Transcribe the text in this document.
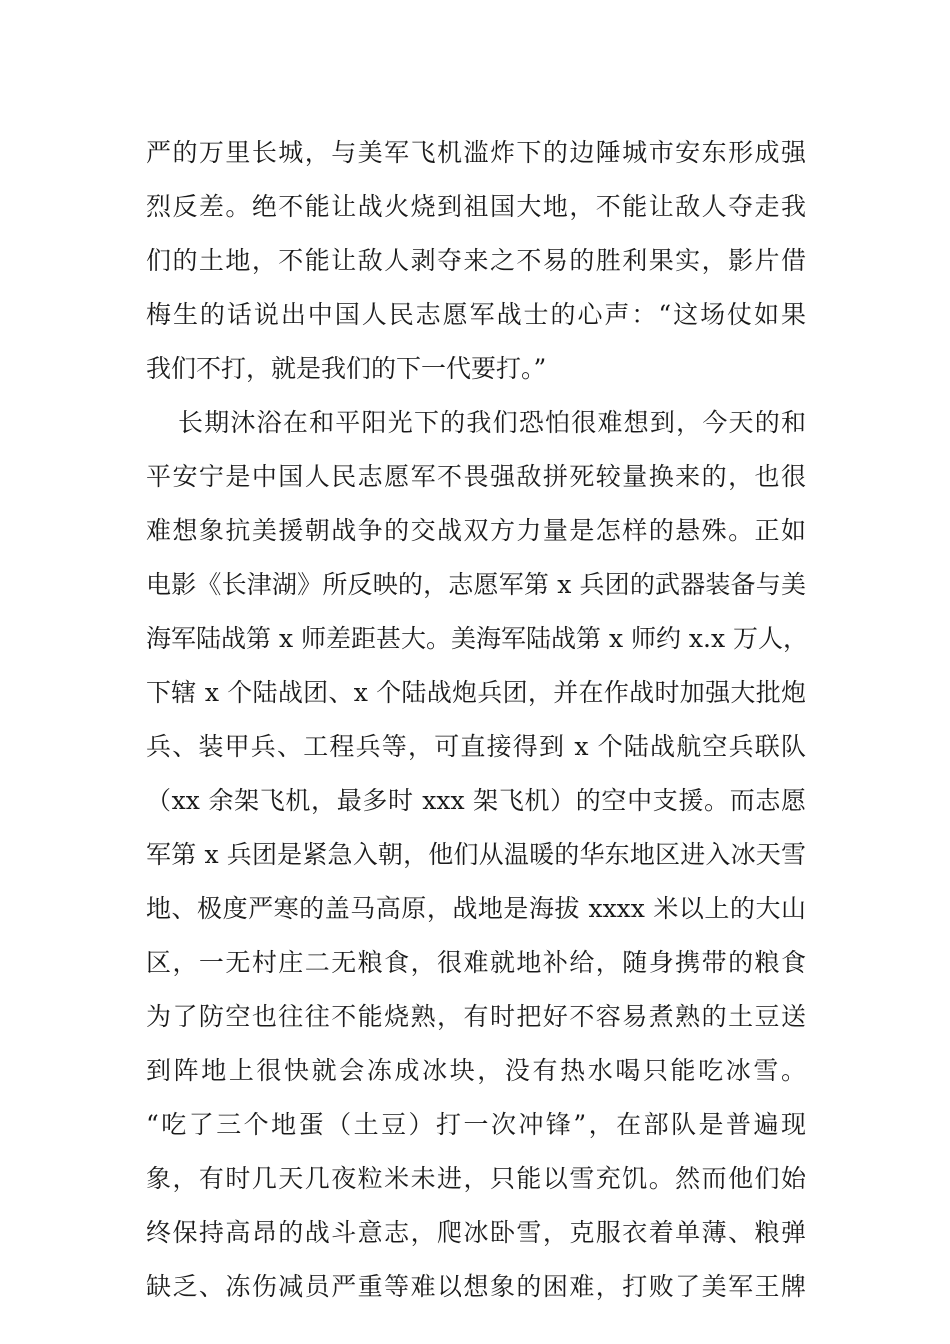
严的万里长城，与美军飞机滥炸下的边陲城市安东形成强
烈反差。绝不能让战火烧到祖国大地，不能让敌人夺走我
们的土地，不能让敌人剥夺来之不易的胜利果实，影片借
梅生的话说出中国人民志愿军战士的心声：“这场仗如果
我们不打，就是我们的下一代要打。”
长期沐浴在和平阳光下的我们恐怕很难想到，今天的和
平安宁是中国人民志愿军不畏强敌拼死较量换来的，也很
难想象抗美援朝战争的交战双方力量是怎样的悬殊。正如
电影《长津湖》所反映的，志愿军第 x 兵团的武器装备与美
海军陆战第 x 师差距甚大。美海军陆战第 x 师约 x.x 万人，
下辖 x 个陆战团、x 个陆战炮兵团，并在作战时加强大批炮
兵、装甲兵、工程兵等，可直接得到 x 个陆战航空兵联队
（xx 余架飞机，最多时 xxx 架飞机）的空中支援。而志愿
军第 x 兵团是紧急入朝，他们从温暖的华东地区进入冰天雪
地、极度严寒的盖马高原，战地是海拔 xxxx 米以上的大山
区，一无村庄二无粮食，很难就地补给，随身携带的粮食
为了防空也往往不能烧熟，有时把好不容易煮熟的土豆送
到阵地上很快就会冻成冰块，没有热水喝只能吃冰雪。
“吃了三个地蛋（土豆）打一次冲锋”，在部队是普遍现
象，有时几天几夜粒米未进，只能以雪充饥。然而他们始
终保持高昂的战斗意志，爬冰卧雪，克服衣着单薄、粮弹
缺乏、冻伤减员严重等难以想象的困难，打败了美军王牌
